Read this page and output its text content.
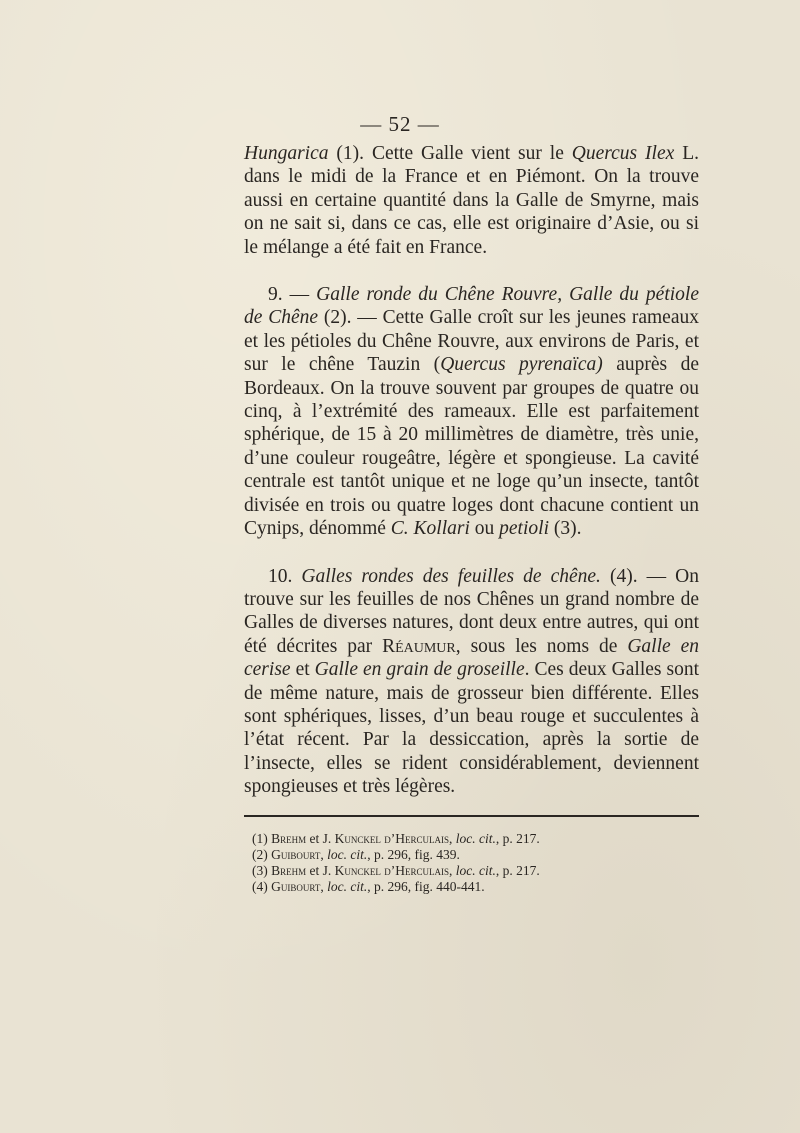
— 52 —

Hungarica (1). Cette Galle vient sur le Quercus Ilex L. dans le midi de la France et en Piémont. On la trouve aussi en certaine quantité dans la Galle de Smyrne, mais on ne sait si, dans ce cas, elle est originaire d’Asie, ou si le mélange a été fait en France.

9. — Galle ronde du Chêne Rouvre, Galle du pétiole de Chêne (2). — Cette Galle croît sur les jeunes rameaux et les pétioles du Chêne Rouvre, aux environs de Paris, et sur le chêne Tauzin (Quercus pyrenaïca) auprès de Bordeaux. On la trouve souvent par groupes de quatre ou cinq, à l’extrémité des rameaux. Elle est parfaitement sphérique, de 15 à 20 millimètres de diamètre, très unie, d’une couleur rougeâtre, légère et spongieuse. La cavité centrale est tantôt unique et ne loge qu’un insecte, tantôt divisée en trois ou quatre loges dont chacune contient un Cynips, dénommé C. Kollari ou petioli (3).

10. Galles rondes des feuilles de chêne. (4). — On trouve sur les feuilles de nos Chênes un grand nombre de Galles de diverses natures, dont deux entre autres, qui ont été décrites par Réaumur, sous les noms de Galle en cerise et Galle en grain de groseille. Ces deux Galles sont de même nature, mais de grosseur bien différente. Elles sont sphériques, lisses, d’un beau rouge et succulentes à l’état récent. Par la dessiccation, après la sortie de l’insecte, elles se rident considérablement, deviennent spongieuses et très légères.

(1) Brehm et J. Kunckel d’Herculais, loc. cit., p. 217.
(2) Guibourt, loc. cit., p. 296, fig. 439.
(3) Brehm et J. Kunckel d’Herculais, loc. cit., p. 217.
(4) Guibourt, loc. cit., p. 296, fig. 440-441.
